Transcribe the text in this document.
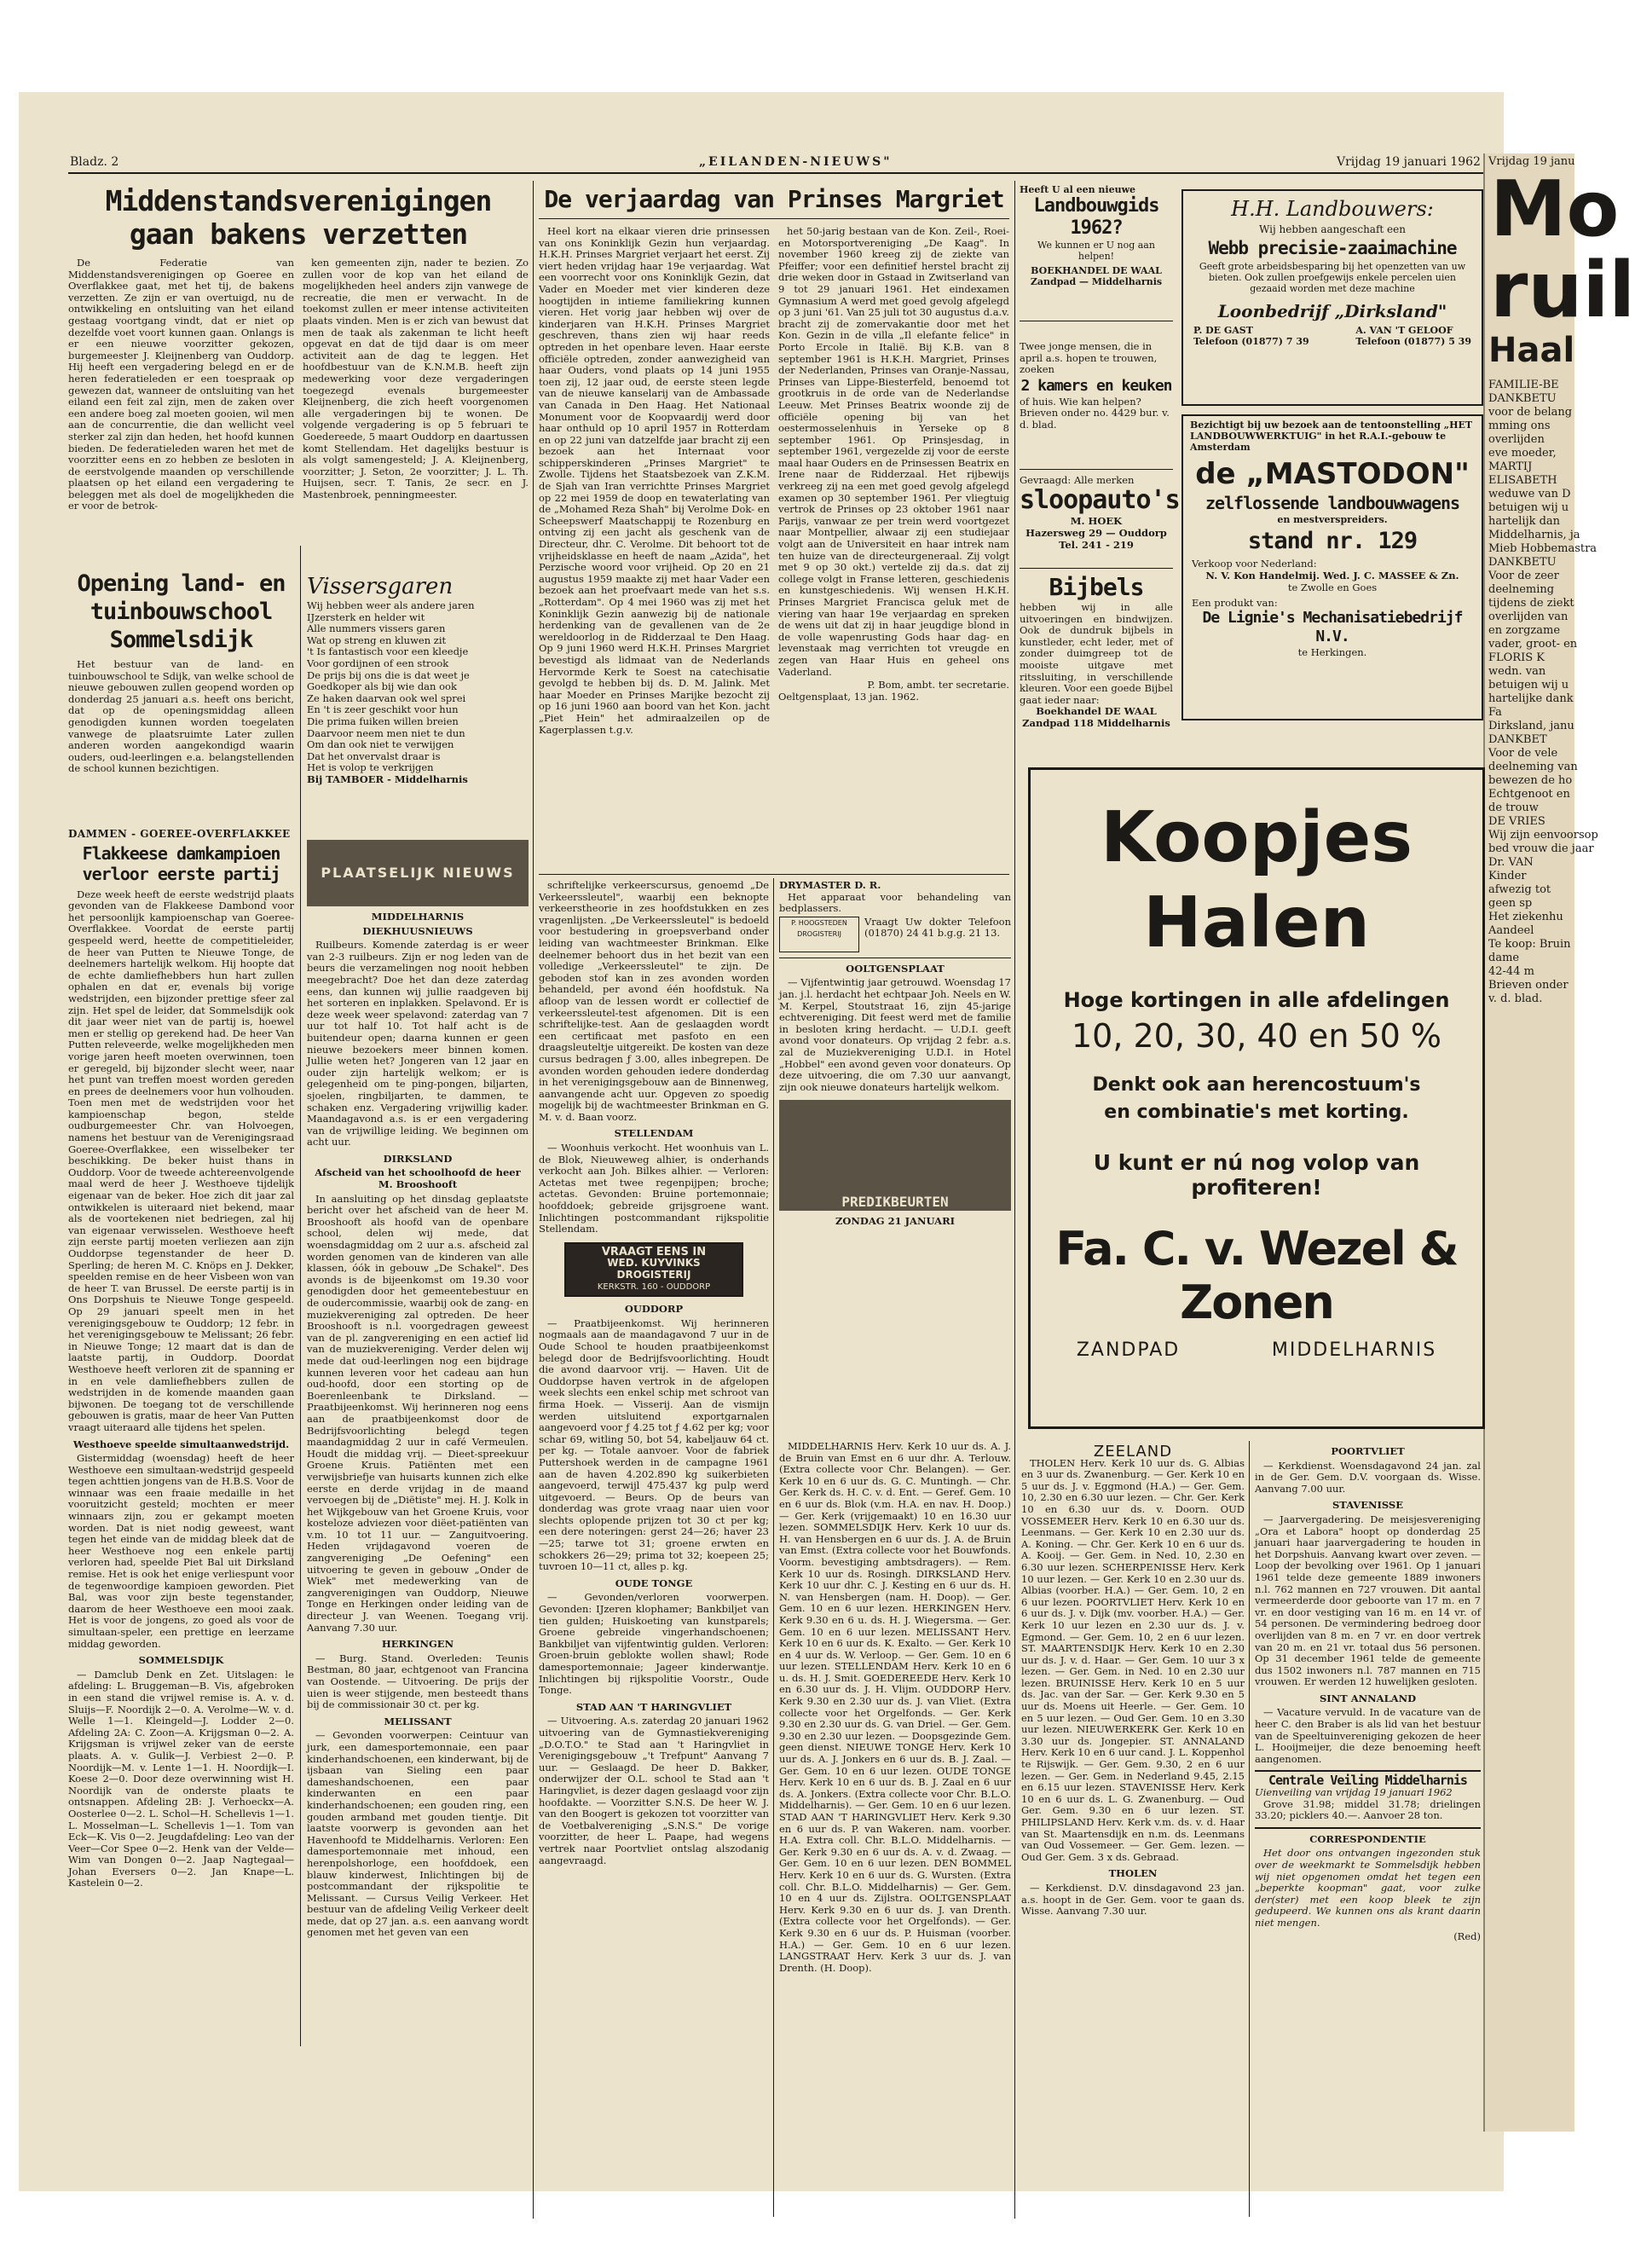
Vrijdag 19 janu
Mo
ruil
Haal
FAMILIE-BE
DANKBETU
voor de belang
mming ons
overlijden
eve moeder,
MARTIJ
ELISABETH
weduwe van D
betuigen wij u
hartelijk dan
Middelharnis, ja
Mieb Hobbemastra
DANKBETU
Voor de zeer
deelneming
tijdens de ziekt
overlijden van
en zorgzame
vader, groot- en
FLORIS K
wedn. van
betuigen wij u
hartelijke dank
Fa
Dirksland, janu
DANKBET
Voor de vele
deelneming van
bewezen de ho
Echtgenoot en
de trouw
DE VRIES
Wij zijn eenvoorsop
bed vrouw die jaar
Dr. VAN
Kinder
afwezig tot
geen sp
Het ziekenhu
Aandeel
Te koop: Bruin
dame
42-44 m
Brieven onder
v. d. blad.
Bladz. 2	„EILANDEN-NIEUWS"	Vrijdag 19 januari 1962
Middenstandsverenigingen gaan bakens verzetten

De Federatie van Middenstandsverenigingen op Goeree en Overflakkee gaat, met het tij, de bakens verzetten. Ze zijn er van overtuigd, nu de ontwikkeling en ontsluiting van het eiland gestaag voortgang vindt, dat er niet op dezelfde voet voort kunnen gaan. Onlangs is er een nieuwe voorzitter gekozen, burgemeester J. Kleijnenberg van Ouddorp. Hij heeft een vergadering belegd en er de heren federatieleden er een toespraak op gewezen dat, wanneer de ontsluiting van het eiland een feit zal zijn, men de zaken over een andere boeg zal moeten gooien, wil men aan de concurrentie, die dan wellicht veel sterker zal zijn dan heden, het hoofd kunnen bieden. De federatieleden waren het met de voorzitter eens en zo hebben ze besloten in de eerstvolgende maanden op verschillende plaatsen op het eiland een vergadering te beleggen met als doel de mogelijkheden die er voor de betrok-

ken gemeenten zijn, nader te bezien. Zo zullen voor de kop van het eiland de mogelijkheden heel anders zijn vanwege de recreatie, die men er verwacht. In de toekomst zullen er meer intense activiteiten plaats vinden. Men is er zich van bewust dat men de taak als zakenman te licht heeft opgevat en dat de tijd daar is om meer activiteit aan de dag te leggen. Het hoofdbestuur van de K.N.M.B. heeft zijn medewerking voor deze vergaderingen toegezegd evenals burgemeester Kleijnenberg, die zich heeft voorgenomen alle vergaderingen bij te wonen. De volgende vergadering is op 5 februari te Goedereede, 5 maart Ouddorp en daartussen komt Stellendam. Het dagelijks bestuur is als volgt samengesteld; J. A. Kleijnenberg, voorzitter; J. Seton, 2e voorzitter; J. L. Th. Huijsen, secr. T. Tanis, 2e secr. en J. Mastenbroek, penningmeester.

Opening land- en tuinbouwschool Sommelsdijk

Het bestuur van de land- en tuinbouwschool te Sdijk, van welke school de nieuwe gebouwen zullen geopend worden op donderdag 25 januari a.s. heeft ons bericht, dat op de openingsmiddag alleen genodigden kunnen worden toegelaten vanwege de plaatsruimte Later zullen anderen worden aangekondigd waarin ouders, oud-leerlingen e.a. belangstellenden de school kunnen bezichtigen.

Vissersgaren
Wij hebben weer als andere jaren
IJzersterk en helder wit
Alle nummers vissers garen
Wat op streng en kluwen zit
't Is fantastisch voor een kleedje
Voor gordijnen of een strook
De prijs bij ons die is dat weet je
Goedkoper als bij wie dan ook
Ze haken daarvan ook wel sprei
En 't is zeer geschikt voor hun
Die prima fuiken willen breien
Daarvoor neem men niet te dun
Om dan ook niet te verwijgen
Dat het onvervalst draar is
Het is volop te verkrijgen
Bij TAMBOER - Middelharnis
DAMMEN - GOEREE-OVERFLAKKEE
Flakkeese damkampioen verloor eerste partij

Deze week heeft de eerste wedstrijd plaats gevonden van de Flakkeese Dambond voor het persoonlijk kampioenschap van Goeree-Overflakkee. Voordat de eerste partij gespeeld werd, heette de competitieleider, de heer van Putten te Nieuwe Tonge, de deelnemers hartelijk welkom. Hij hoopte dat de echte damliefhebbers hun hart zullen ophalen en dat er, evenals bij vorige wedstrijden, een bijzonder prettige sfeer zal zijn. Het spel de leider, dat Sommelsdijk ook dit jaar weer niet van de partij is, hoewel men er stellig op gerekend had. De heer Van Putten releveerde, welke mogelijkheden men vorige jaren heeft moeten overwinnen, toen er geregeld, bij bijzonder slecht weer, naar het punt van treffen moest worden gereden en prees de deelnemers voor hun volhouden. Toen men met de wedstrijden voor het kampioenschap begon, stelde oudburgemeester Chr. van Holvoegen, namens het bestuur van de Verenigingsraad Goeree-Overflakkee, een wisselbeker ter beschikking. De beker huist thans in Ouddorp. Voor de tweede achtereenvolgende maal werd de heer J. Westhoeve tijdelijk eigenaar van de beker. Hoe zich dit jaar zal ontwikkelen is uiteraard niet bekend, maar als de voortekenen niet bedriegen, zal hij van eigenaar verwisselen. Westhoeve heeft zijn eerste partij moeten verliezen aan zijn Ouddorpse tegenstander de heer D. Sperling; de heren M. C. Knöps en J. Dekker, speelden remise en de heer Visbeen won van de heer T. van Brussel. De eerste partij is in Ons Dorpshuis te Nieuwe Tonge gespeeld. Op 29 januari speelt men in het verenigingsgebouw te Ouddorp; 12 febr. in het verenigingsgebouw te Melissant; 26 febr. in Nieuwe Tonge; 12 maart dat is dan de laatste partij, in Ouddorp. Doordat Westhoeve heeft verloren zit de spanning er in en vele damliefhebbers zullen de wedstrijden in de komende maanden gaan bijwonen. De toegang tot de verschillende gebouwen is gratis, maar de heer Van Putten vraagt uiteraard alle tijdens het spelen.

Westhoeve speelde simultaanwedstrijd.

Gistermiddag (woensdag) heeft de heer Westhoeve een simultaan-wedstrijd gespeeld tegen achttien jongens van de H.B.S. Voor de winnaar was een fraaie medaille in het vooruitzicht gesteld; mochten er meer winnaars zijn, zou er gekampt moeten worden. Dat is niet nodig geweest, want tegen het einde van de middag bleek dat de heer Westhoeve nog een enkele partij verloren had, speelde Piet Bal uit Dirksland remise. Het is ook het enige verliespunt voor de tegenwoordige kampioen geworden. Piet Bal, was voor zijn beste tegenstander, daarom de heer Westhoeve een mooi zaak. Het is voor de jongens, zo goed als voor de simultaan-speler, een prettige en leerzame middag geworden.

SOMMELSDIJK

— Damclub Denk en Zet. Uitslagen: le afdeling: L. Bruggeman—B. Vis, afgebroken in een stand die vrijwel remise is. A. v. d. Sluijs—F. Noordijk 2—0. A. Verolme—W. v. d. Welle 1—1. Kleingeld—J. Lodder 2—0. Afdeling 2A: C. Zoon—A. Krijgsman 0—2. A. Krijgsman is vrijwel zeker van de eerste plaats. A. v. Gulik—J. Verbiest 2—0. P. Noordijk—M. v. Lente 1—1. H. Noordijk—I. Koese 2—0. Door deze overwinning wist H. Noordijk van de onderste plaats te ontsnappen. Afdeling 2B: J. Verhoeckx—A. Oosterlee 0—2. L. Schol—H. Schellevis 1—1. L. Mosselman—L. Schellevis 1—1. Tom van Eck—K. Vis 0—2. Jeugdafdeling: Leo van der Veer—Cor Spee 0—2. Henk van der Velde—Wim van Dongen 0—2. Jaap Nagtegaal—Johan Eversers 0—2. Jan Knape—L. Kastelein 0—2.

PLAATSELIJK NIEUWS
MIDDELHARNIS
DIEKHUUSNIEUWS

Ruilbeurs. Komende zaterdag is er weer van 2-3 ruilbeurs. Zijn er nog leden van de beurs die verzamelingen nog nooit hebben meegebracht? Doe het dan deze zaterdag eens, dan kunnen wij jullie raadgeven bij het sorteren en inplakken. Spelavond. Er is deze week weer spelavond: zaterdag van 7 uur tot half 10. Tot half acht is de buitendeur open; daarna kunnen er geen nieuwe bezoekers meer binnen komen. Jullie weten het? Jongeren van 12 jaar en ouder zijn hartelijk welkom; er is gelegenheid om te ping-pongen, biljarten, sjoelen, ringbiljarten, te dammen, te schaken enz. Vergadering vrijwillig kader. Maandagavond a.s. is er een vergadering van de vrijwillige leiding. We beginnen om acht uur.

DIRKSLAND
Afscheid van het schoolhoofd de heer M. Brooshooft

In aansluiting op het dinsdag geplaatste bericht over het afscheid van de heer M. Brooshooft als hoofd van de openbare school, delen wij mede, dat woensdagmiddag om 2 uur a.s. afscheid zal worden genomen van de kinderen van alle klassen, óók in gebouw „De Schakel". Des avonds is de bijeenkomst om 19.30 voor genodigden door het gemeentebestuur en de oudercommissie, waarbij ook de zang- en muziekvereniging zal optreden. De heer Brooshooft is n.l. voorgedragen geweest van de pl. zangvereniging en een actief lid van de muziekvereniging. Verder delen wij mede dat oud-leerlingen nog een bijdrage kunnen leveren voor het cadeau aan hun oud-hoofd, door een storting op de Boerenleenbank te Dirksland. — Praatbijeenkomst. Wij herinneren nog eens aan de praatbijeenkomst door de Bedrijfsvoorlichting belegd tegen maandagmiddag 2 uur in café Vermeulen. Houdt die middag vrij. — Dieet-spreekuur Groene Kruis. Patiënten met een verwijsbriefje van huisarts kunnen zich elke eerste en derde vrijdag in de maand vervoegen bij de „Diëtiste" mej. H. J. Kolk in het Wijkgebouw van het Groene Kruis, voor kosteloze adviezen voor diëet-patiënten van v.m. 10 tot 11 uur. — Zanguitvoering. Heden vrijdagavond voeren de zangvereniging „De Oefening" een uitvoering te geven in gebouw „Onder de Wiek" met medewerking van de zangverenigingen van Ouddorp, Nieuwe Tonge en Herkingen onder leiding van de directeur J. van Weenen. Toegang vrij. Aanvang 7.30 uur.

HERKINGEN

— Burg. Stand. Overleden: Teunis Bestman, 80 jaar, echtgenoot van Francina van Oostende. — Uitvoering. De prijs der uien is weer stijgende, men besteedt thans bij de commissionair 30 ct. per kg.

MELISSANT

— Gevonden voorwerpen: Ceintuur van jurk, een damesportemonnaie, een paar kinderhandschoenen, een kinderwant, bij de ijsbaan van Sieling een paar dameshandschoenen, een paar kinderwanten en een paar kinderhandschoenen; een gouden ring, een gouden armband met gouden tientje. Dit laatste voorwerp is gevonden aan het Havenhoofd te Middelharnis. Verloren: Een damesportemonnaie met inhoud, een herenpolshorloge, een hoofddoek, een blauw kinderwest, Inlichtingen bij de postcommandant der rijkspolitie te Melissant. — Cursus Veilig Verkeer. Het bestuur van de afdeling Veilig Verkeer deelt mede, dat op 27 jan. a.s. een aanvang wordt genomen met het geven van een

De verjaardag van Prinses Margriet

Heel kort na elkaar vieren drie prinsessen van ons Koninklijk Gezin hun verjaardag. H.K.H. Prinses Margriet verjaart het eerst. Zij viert heden vrijdag haar 19e verjaardag. Wat een voorrecht voor ons Koninklijk Gezin, dat Vader en Moeder met vier kinderen deze hoogtijden in intieme familiekring kunnen vieren. Het vorig jaar hebben wij over de kinderjaren van H.K.H. Prinses Margriet geschreven, thans zien wij haar reeds optreden in het openbare leven. Haar eerste officiële optreden, zonder aanwezigheid van haar Ouders, vond plaats op 14 juni 1955 toen zij, 12 jaar oud, de eerste steen legde van de nieuwe kanselarij van de Ambassade van Canada in Den Haag. Het Nationaal Monument voor de Koopvaardij werd door haar onthuld op 10 april 1957 in Rotterdam en op 22 juni van datzelfde jaar bracht zij een bezoek aan het Internaat voor schipperskinderen „Prinses Margriet" te Zwolle. Tijdens het Staatsbezoek van Z.K.M. de Sjah van Iran verrichtte Prinses Margriet op 22 mei 1959 de doop en tewaterlating van de „Mohamed Reza Shah" bij Verolme Dok- en Scheepswerf Maatschappij te Rozenburg en ontving zij een jacht als geschenk van de Directeur, dhr. C. Verolme. Dit behoort tot de vrijheidsklasse en heeft de naam „Azida", het Perzische woord voor vrijheid. Op 20 en 21 augustus 1959 maakte zij met haar Vader een bezoek aan het proefvaart mede van het s.s. „Rotterdam". Op 4 mei 1960 was zij met het Koninklijk Gezin aanwezig bij de nationale herdenking van de gevallenen van de 2e wereldoorlog in de Ridderzaal te Den Haag. Op 9 juni 1960 werd H.K.H. Prinses Margriet bevestigd als lidmaat van de Nederlands Hervormde Kerk te Soest na catechisatie gevolgd te hebben bij ds. D. M. Jalink. Met haar Moeder en Prinses Marijke bezocht zij op 16 juni 1960 aan boord van het Kon. jacht „Piet Hein" het admiraalzeilen op de Kagerplassen t.g.v.

het 50-jarig bestaan van de Kon. Zeil-, Roei- en Motorsportvereniging „De Kaag". In november 1960 kreeg zij de ziekte van Pfeiffer; voor een definitief herstel bracht zij drie weken door in Gstaad in Zwitserland van 9 tot 29 januari 1961. Het eindexamen Gymnasium A werd met goed gevolg afgelegd op 3 juni '61. Van 25 juli tot 30 augustus d.a.v. bracht zij de zomervakantie door met het Kon. Gezin in de villa „Il elefante felice" in Porto Ercole in Italië. Bij K.B. van 8 september 1961 is H.K.H. Margriet, Prinses der Nederlanden, Prinses van Oranje-Nassau, Prinses van Lippe-Biesterfeld, benoemd tot grootkruis in de orde van de Nederlandse Leeuw. Met Prinses Beatrix woonde zij de officiële opening bij van het oestermosselenhuis in Yerseke op 8 september 1961. Op Prinsjesdag, in september 1961, vergezelde zij voor de eerste maal haar Ouders en de Prinsessen Beatrix en Irene naar de Ridderzaal. Het rijbewijs verkreeg zij na een met goed gevolg afgelegd examen op 30 september 1961. Per vliegtuig vertrok de Prinses op 23 oktober 1961 naar Parijs, vanwaar ze per trein werd voortgezet naar Montpellier, alwaar zij een studiejaar volgt aan de Universiteit en haar intrek nam ten huize van de directeurgeneraal. Zij volgt met 9 op 30 okt.) vertelde zij da.s. dat zij college volgt in Franse letteren, geschiedenis en kunstgeschiedenis. Wij wensen H.K.H. Prinses Margriet Francisca geluk met de viering van haar 19e verjaardag en spreken de wens uit dat zij in haar jeugdige blond in de volle wapenrusting Gods haar dag- en levenstaak mag verrichten tot vreugde en zegen van Haar Huis en geheel ons Vaderland.

P. Bom, ambt. ter secretarie.
Oeltgensplaat, 13 jan. 1962.

schriftelijke verkeerscursus, genoemd „De Verkeerssleutel", waarbij een beknopte verkeerstheorie in zes hoofdstukken en zes vragenlijsten. „De Verkeerssleutel" is bedoeld voor bestudering in groepsverband onder leiding van wachtmeester Brinkman. Elke deelnemer behoort dus in het bezit van een volledige „Verkeerssleutel" te zijn. De geboden stof kan in zes avonden worden behandeld, per avond één hoofdstuk. Na afloop van de lessen wordt er collectief de verkeerssleutel-test afgenomen. Dit is een schriftelijke-test. Aan de geslaagden wordt een certificaat met pasfoto en een draagsleuteltje uitgereikt. De kosten van deze cursus bedragen ƒ 3.00, alles inbegrepen. De avonden worden gehouden iedere donderdag in het verenigingsgebouw aan de Binnenweg, aanvangende acht uur. Opgeven zo spoedig mogelijk bij de wachtmeester Brinkman en G. M. v. d. Baan voorz.

STELLENDAM

— Woonhuis verkocht. Het woonhuis van L. de Blok, Nieuweweg alhier, is onderhands verkocht aan Joh. Bilkes alhier. — Verloren: Actetas met twee regenpijpen; broche; actetas. Gevonden: Bruine portemonnaie; hoofddoek; gebreide grijsgroene want. Inlichtingen postcommandant rijkspolitie Stellendam.

VRAAGT EENS IN
WED. KUYVINKS DROGISTERIJ
KERKSTR. 160 - OUDDORP
OUDDORP

— Praatbijeenkomst. Wij herinneren nogmaals aan de maandagavond 7 uur in de Oude School te houden praatbijeenkomst belegd door de Bedrijfsvoorlichting. Houdt die avond daarvoor vrij. — Haven. Uit de Ouddorpse haven vertrok in de afgelopen week slechts een enkel schip met schroot van firma Hoek. — Visserij. Aan de vismijn werden uitsluitend exportgarnalen aangevoerd voor ƒ 4.25 tot ƒ 4.62 per kg; voor schar 69, witling 50, bot 54, kabeljauw 64 ct. per kg. — Totale aanvoer. Voor de fabriek Puttershoek werden in de campagne 1961 aan de haven 4.202.890 kg suikerbieten aangevoerd, terwijl 475.437 kg pulp werd uitgevoerd. — Beurs. Op de beurs van donderdag was grote vraag naar uien voor slechts oplopende prijzen tot 30 ct per kg; een dere noteringen: gerst 24—26; haver 23—25; tarwe tot 31; groene erwten en schokkers 26—29; prima tot 32; koepeen 25; tuvroen 10—11 ct, alles p. kg.

OUDE TONGE

— Gevonden/verloren voorwerpen. Gevonden: IJzeren klophamer; Bankbiljet van tien gulden; Huiskoeting van kunstparels; Groene gebreide vingerhandschoenen; Bankbiljet van vijfentwintig gulden. Verloren: Groen-bruin geblokte wollen shawl; Rode damesportemonnaie; Jageer kinderwantje. Inlichtingen bij rijkspolitie Voorstr., Oude Tonge.

STAD AAN 'T HARINGVLIET

— Uitvoering. A.s. zaterdag 20 januari 1962 uitvoering van de Gymnastiekvereniging „D.O.T.O." te Stad aan 't Haringvliet in Verenigingsgebouw „'t Trefpunt" Aanvang 7 uur. — Geslaagd. De heer D. Bakker, onderwijzer der O.L. school te Stad aan 't Haringvliet, is dezer dagen geslaagd voor zijn hoofdakte. — Voorzitter S.N.S. De heer W. J. van den Boogert is gekozen tot voorzitter van de Voetbalvereniging „S.N.S." De vorige voorzitter, de heer L. Paape, had wegens vertrek naar Poortvliet ontslag alszodanig aangevraagd.

DRYMASTER D. R.

Het apparaat voor behandeling van bedplassers.

P. HOOGSTEDEN DROGISTERIJ
Vraagt Uw dokter Telefoon (01870) 24 41 b.g.g. 21 13.
OOLTGENSPLAAT

— Vijfentwintig jaar getrouwd. Woensdag 17 jan. j.l. herdacht het echtpaar Joh. Neels en W. M. Kerpel, Stoutstraat 16, zijn 45-jarige echtvereniging. Dit feest werd met de familie in besloten kring herdacht. — U.D.I. geeft avond voor donateurs. Op vrijdag 2 febr. a.s. zal de Muziekvereniging U.D.I. in Hotel „Hobbel" een avond geven voor donateurs. Op deze uitvoering, die om 7.30 uur aanvangt, zijn ook nieuwe donateurs hartelijk welkom.

PREDIKBEURTEN
ZONDAG 21 JANUARI

MIDDELHARNIS Herv. Kerk 10 uur ds. A. J. de Bruin van Emst en 6 uur dhr. A. Terlouw. (Extra collecte voor Chr. Belangen). — Ger. Kerk 10 en 6 uur ds. G. C. Muntingh. — Chr. Ger. Kerk ds. H. C. v. d. Ent. — Geref. Gem. 10 en 6 uur ds. Blok (v.m. H.A. en nav. H. Doop.) — Ger. Kerk (vrijgemaakt) 10 en 16.30 uur lezen. SOMMELSDIJK Herv. Kerk 10 uur ds. H. van Hensbergen en 6 uur ds. J. A. de Bruin van Emst. (Extra collecte voor het Bouwfonds. Voorm. bevestiging ambtsdragers). — Rem. Kerk 10 uur ds. Rosingh. DIRKSLAND Herv. Kerk 10 uur dhr. C. J. Kesting en 6 uur ds. H. N. van Hensbergen (nam. H. Doop). — Ger. Gem. 10 en 6 uur lezen. HERKINGEN Herv. Kerk 9.30 en 6 u. ds. H. J. Wiegersma. — Ger. Gem. 10 en 6 uur lezen. MELISSANT Herv. Kerk 10 en 6 uur ds. K. Exalto. — Ger. Kerk 10 en 4 uur ds. W. Verloop. — Ger. Gem. 10 en 6 uur lezen. STELLENDAM Herv. Kerk 10 en 6 u. ds. H. J. Smit. GOEDEREEDE Herv. Kerk 10 en 6.30 uur ds. J. H. Vlijm. OUDDORP Herv. Kerk 9.30 en 2.30 uur ds. J. van Vliet. (Extra collecte voor het Orgelfonds. — Ger. Kerk 9.30 en 2.30 uur ds. G. van Driel. — Ger. Gem. 9.30 en 2.30 uur lezen. — Doopsgezinde Gem. geen dienst. NIEUWE TONGE Herv. Kerk 10 uur ds. A. J. Jonkers en 6 uur ds. B. J. Zaal. — Ger. Gem. 10 en 6 uur lezen. OUDE TONGE Herv. Kerk 10 en 6 uur ds. B. J. Zaal en 6 uur ds. A. Jonkers. (Extra collecte voor Chr. B.L.O. Middelharnis). — Ger. Gem. 10 en 6 uur lezen. STAD AAN 'T HARINGVLIET Herv. Kerk 9.30 en 6 uur ds. P. van Wakeren. nam. voorber. H.A. Extra coll. Chr. B.L.O. Middelharnis. — Ger. Kerk 9.30 en 6 uur ds. A. v. d. Zwaag. — Ger. Gem. 10 en 6 uur lezen. DEN BOMMEL Herv. Kerk 10 en 6 uur ds. G. Wursten. (Extra coll. Chr. B.L.O. Middelharnis) — Ger. Gem. 10 en 4 uur ds. Zijlstra. OOLTGENSPLAAT Herv. Kerk 9.30 en 6 uur ds. J. van Drenth. (Extra collecte voor het Orgelfonds). — Ger. Kerk 9.30 en 6 uur ds. P. Huisman (voorber. H.A.) — Ger. Gem. 10 en 6 uur lezen. LANGSTRAAT Herv. Kerk 3 uur ds. J. van Drenth. (H. Doop).

ZEELAND

THOLEN Herv. Kerk 10 uur ds. G. Albias en 3 uur ds. Zwanenburg. — Ger. Kerk 10 en 5 uur ds. J. v. Eggmond (H.A.) — Ger. Gem. 10, 2.30 en 6.30 uur lezen. — Chr. Ger. Kerk 10 en 6.30 uur ds. v. Doorn. OUD VOSSEMEER Herv. Kerk 10 en 6.30 uur ds. Leenmans. — Ger. Kerk 10 en 2.30 uur ds. A. Koning. — Chr. Ger. Kerk 10 en 6 uur ds. A. Kooij. — Ger. Gem. in Ned. 10, 2.30 en 6.30 uur lezen. SCHERPENISSE Herv. Kerk 10 uur lezen. — Ger. Kerk 10 en 2.30 uur ds. Albias (voorber. H.A.) — Ger. Gem. 10, 2 en 6 uur lezen. POORTVLIET Herv. Kerk 10 en 6 uur ds. J. v. Dijk (mv. voorber. H.A.) — Ger. Kerk 10 uur lezen en 2.30 uur ds. J. v. Egmond. — Ger. Gem. 10, 2 en 6 uur lezen. ST. MAARTENSDIJK Herv. Kerk 10 en 2.30 uur ds. J. v. d. Haar. — Ger. Gem. 10 uur 3 x lezen. — Ger. Gem. in Ned. 10 en 2.30 uur lezen. BRUINISSE Herv. Kerk 10 en 5 uur ds. Jac. van der Sar. — Ger. Kerk 9.30 en 5 uur ds. Moens uit Heerle. — Ger. Gem. 10 en 5 uur lezen. — Oud Ger. Gem. 10 en 3.30 uur lezen. NIEUWERKERK Ger. Kerk 10 en 3.30 uur ds. Jongepier. ST. ANNALAND Herv. Kerk 10 en 6 uur cand. J. L. Koppenhol te Rijswijk. — Ger. Gem. 9.30, 2 en 6 uur lezen. — Ger. Gem. in Nederland 9.45, 2.15 en 6.15 uur lezen. STAVENISSE Herv. Kerk 10 en 6 uur ds. L. G. Zwanenburg. — Oud Ger. Gem. 9.30 en 6 uur lezen. ST. PHILIPSLAND Herv. Kerk v.m. ds. v. d. Haar van St. Maartensdijk en n.m. ds. Leenmans van Oud Vossemeer. — Ger. Gem. lezen. — Oud Ger. Gem. 3 x ds. Gebraad.

THOLEN

— Kerkdienst. D.V. dinsdagavond 23 jan. a.s. hoopt in de Ger. Gem. voor te gaan ds. Wisse. Aanvang 7.30 uur.

POORTVLIET

— Kerkdienst. Woensdagavond 24 jan. zal in de Ger. Gem. D.V. voorgaan ds. Wisse. Aanvang 7.00 uur.

STAVENISSE

— Jaarvergadering. De meisjesvereniging „Ora et Labora" hoopt op donderdag 25 januari haar jaarvergadering te houden in het Dorpshuis. Aanvang kwart over zeven. — Loop der bevolking over 1961. Op 1 januari 1961 telde deze gemeente 1889 inwoners n.l. 762 mannen en 727 vrouwen. Dit aantal vermeerderde door geboorte van 17 m. en 7 vr. en door vestiging van 16 m. en 14 vr. of 54 personen. De vermindering bedroeg door overlijden van 8 m. en 7 vr. en door vertrek van 20 m. en 21 vr. totaal dus 56 personen. Op 31 december 1961 telde de gemeente dus 1502 inwoners n.l. 787 mannen en 715 vrouwen. Er werden 12 huwelijken gesloten.

SINT ANNALAND

— Vacature vervuld. In de vacature van de heer C. den Braber is als lid van het bestuur van de Speeltuinvereniging gekozen de heer L. Hooijmeijer, die deze benoeming heeft aangenomen.

Centrale Veiling Middelharnis
Uienveiling van vrijdag 19 januari 1962

Grove 31.98; middel 31.78; drielingen 33.20; picklers 40.—. Aanvoer 28 ton.

CORRESPONDENTIE

Het door ons ontvangen ingezonden stuk over de weekmarkt te Sommelsdijk hebben wij niet opgenomen omdat het tegen een „beperkte koopman" gaat, voor zulke der(ster) met een koop bleek te zijn gedupeerd. We kunnen ons als krant daarin niet mengen.

(Red)
Heeft U al een nieuwe
Landbouwgids 1962?
We kunnen er U nog aan helpen!
BOEKHANDEL DE WAAL
Zandpad — Middelharnis
Twee jonge mensen, die in april a.s. hopen te trouwen, zoeken
2 kamers en keuken
of huis. Wie kan helpen? Brieven onder no. 4429 bur. v. d. blad.
Gevraagd: Alle merken
sloopauto's
M. HOEK
Hazersweg 29 — Ouddorp
Tel. 241 - 219
Bijbels
hebben wij in alle uitvoeringen en bindwijzen. Ook de dundruk bijbels in kunstleder, echt leder, met of zonder duimgreep tot de mooiste uitgave met ritssluiting, in verschillende kleuren. Voor een goede Bijbel gaat ieder naar:
Boekhandel DE WAAL
Zandpad 118 Middelharnis
H.H. Landbouwers:
Wij hebben aangeschaft een
Webb precisie-zaaimachine
Geeft grote arbeidsbesparing bij het openzetten van uw bieten. Ook zullen proefgewijs enkele percelen uien gezaaid worden met deze machine
Loonbedrijf „Dirksland"
P. DE GAST
Telefoon (01877) 7 39
A. VAN 'T GELOOF
Telefoon (01877) 5 39
Bezichtigt bij uw bezoek aan de tentoonstelling „HET LANDBOUWWERKTUIG" in het R.A.I.-gebouw te Amsterdam
de „MASTODON"
zelflossende landbouwwagens
en mestverspreiders.
stand nr. 129
Verkoop voor Nederland:
N. V. Kon Handelmij. Wed. J. C. MASSEE & Zn.
te Zwolle en Goes
Een produkt van:
De Lignie's Mechanisatiebedrijf N.V.
te Herkingen.
Koopjes
Halen
Hoge kortingen in alle afdelingen
10, 20, 30, 40 en 50 %
Denkt ook aan herencostuum's en combinatie's met korting.
U kunt er nú nog volop van profiteren!
Fa. C. v. Wezel & Zonen
ZANDPAD	MIDDELHARNIS
